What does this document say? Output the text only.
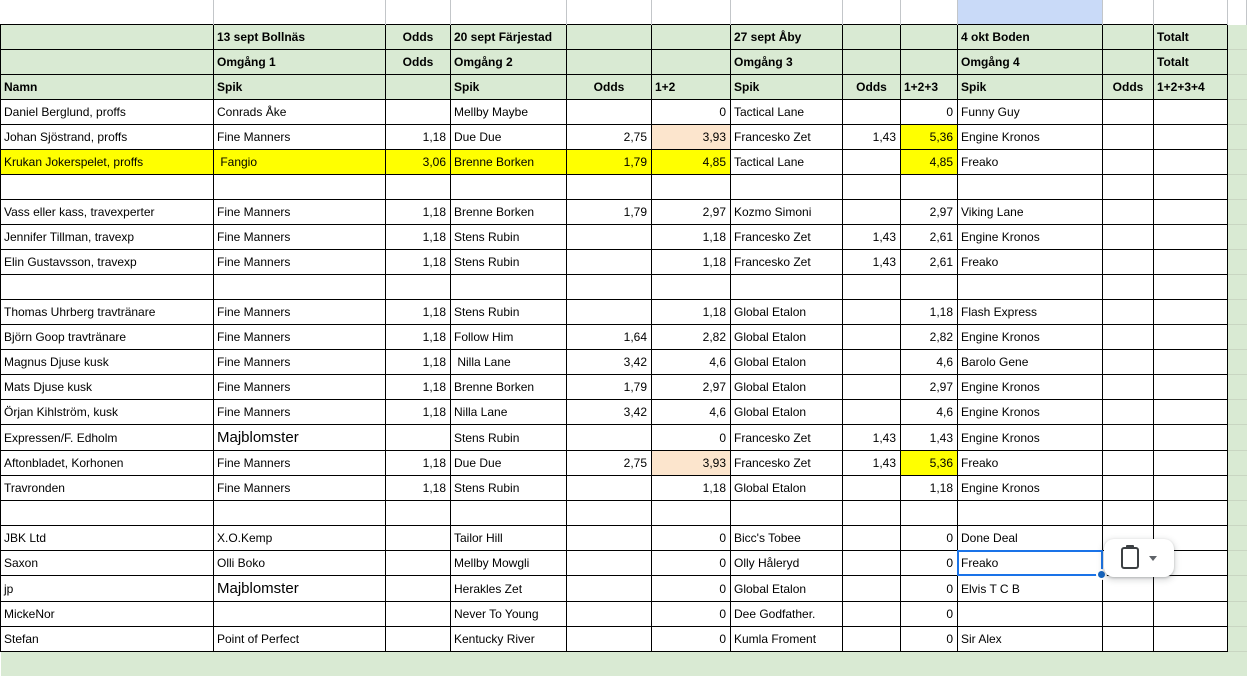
	13 sept Bollnäs	Odds	20 sept Färjestad			27 sept Åby			4 okt Boden		Totalt	
	Omgång 1	Odds	Omgång 2			Omgång 3			Omgång 4		Totalt	
Namn	Spik		Spik	Odds	1+2	Spik	Odds	1+2+3	Spik	Odds	1+2+3+4	
Daniel Berglund, proffs	Conrads Åke		Mellby Maybe		0	Tactical Lane		0	Funny Guy			
Johan Sjöstrand, proffs	Fine Manners	1,18	Due Due	2,75	3,93	Francesko Zet	1,43	5,36	Engine Kronos			
Krukan Jokerspelet, proffs	Fangio	3,06	Brenne Borken	1,79	4,85	Tactical Lane		4,85	Freako			

Vass eller kass, travexperter	Fine Manners	1,18	Brenne Borken	1,79	2,97	Kozmo Simoni		2,97	Viking Lane			
Jennifer Tillman, travexp	Fine Manners	1,18	Stens Rubin		1,18	Francesko Zet	1,43	2,61	Engine Kronos			
Elin Gustavsson, travexp	Fine Manners	1,18	Stens Rubin		1,18	Francesko Zet	1,43	2,61	Freako			

Thomas Uhrberg travtränare	Fine Manners	1,18	Stens Rubin		1,18	Global Etalon		1,18	Flash Express			
Björn Goop travtränare	Fine Manners	1,18	Follow Him	1,64	2,82	Global Etalon		2,82	Engine Kronos			
Magnus Djuse kusk	Fine Manners	1,18	Nilla Lane	3,42	4,6	Global Etalon		4,6	Barolo Gene			
Mats Djuse kusk	Fine Manners	1,18	Brenne Borken	1,79	2,97	Global Etalon		2,97	Engine Kronos			
Örjan Kihlström, kusk	Fine Manners	1,18	Nilla Lane	3,42	4,6	Global Etalon		4,6	Engine Kronos			
Expressen/F. Edholm	Majblomster		Stens Rubin		0	Francesko Zet	1,43	1,43	Engine Kronos			
Aftonbladet, Korhonen	Fine Manners	1,18	Due Due	2,75	3,93	Francesko Zet	1,43	5,36	Freako			
Travronden	Fine Manners	1,18	Stens Rubin		1,18	Global Etalon		1,18	Engine Kronos			

JBK Ltd	X.O.Kemp		Tailor Hill		0	Bicc's Tobee		0	Done Deal			
Saxon	Olli Boko		Mellby Mowgli		0	Olly Håleryd		0	Freako			
jp	Majblomster		Herakles Zet		0	Global Etalon		0	Elvis T C B			
MickeNor			Never To Young		0	Dee Godfather.		0				
Stefan	Point of Perfect		Kentucky River		0	Kumla Froment		0	Sir Alex			
